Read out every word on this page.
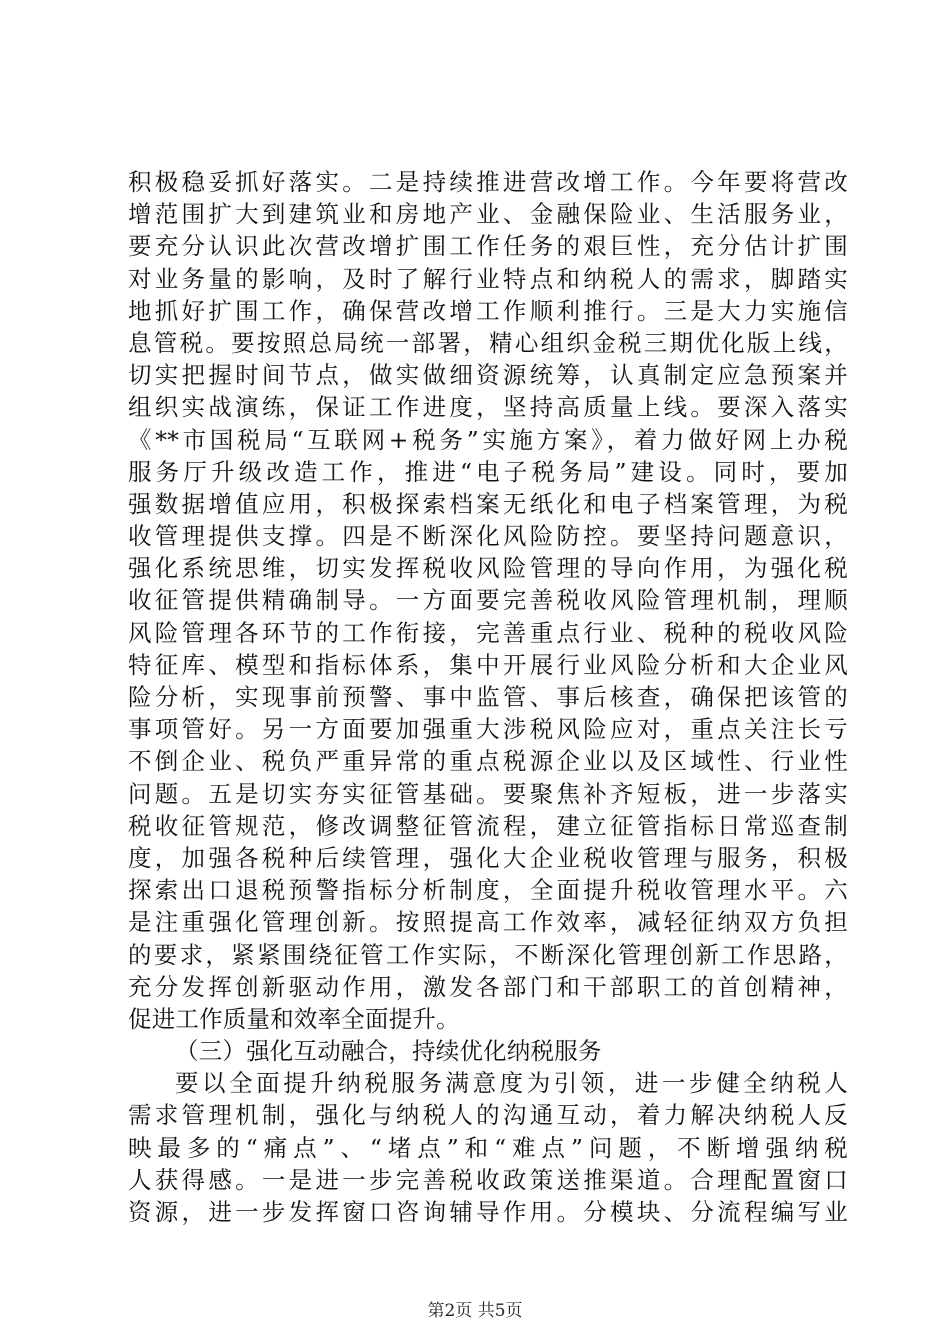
积极稳妥抓好落实。二是持续推进营改增工作。今年要将营改
增范围扩大到建筑业和房地产业、金融保险业、生活服务业，
要充分认识此次营改增扩围工作任务的艰巨性，充分估计扩围
对业务量的影响，及时了解行业特点和纳税人的需求，脚踏实
地抓好扩围工作，确保营改增工作顺利推行。三是大力实施信
息管税。要按照总局统一部署，精心组织金税三期优化版上线，
切实把握时间节点，做实做细资源统筹，认真制定应急预案并
组织实战演练，保证工作进度，坚持高质量上线。要深入落实
《**市国税局“互联网+税务”实施方案》，着力做好网上办税
服务厅升级改造工作，推进“电子税务局”建设。同时，要加
强数据增值应用，积极探索档案无纸化和电子档案管理，为税
收管理提供支撑。四是不断深化风险防控。要坚持问题意识，
强化系统思维，切实发挥税收风险管理的导向作用，为强化税
收征管提供精确制导。一方面要完善税收风险管理机制，理顺
风险管理各环节的工作衔接，完善重点行业、税种的税收风险
特征库、模型和指标体系，集中开展行业风险分析和大企业风
险分析，实现事前预警、事中监管、事后核查，确保把该管的
事项管好。另一方面要加强重大涉税风险应对，重点关注长亏
不倒企业、税负严重异常的重点税源企业以及区域性、行业性
问题。五是切实夯实征管基础。要聚焦补齐短板，进一步落实
税收征管规范，修改调整征管流程，建立征管指标日常巡查制
度，加强各税种后续管理，强化大企业税收管理与服务，积极
探索出口退税预警指标分析制度，全面提升税收管理水平。六
是注重强化管理创新。按照提高工作效率，减轻征纳双方负担
的要求，紧紧围绕征管工作实际，不断深化管理创新工作思路，
充分发挥创新驱动作用，激发各部门和干部职工的首创精神，
促进工作质量和效率全面提升。
（三）强化互动融合，持续优化纳税服务
要以全面提升纳税服务满意度为引领，进一步健全纳税人
需求管理机制，强化与纳税人的沟通互动，着力解决纳税人反
映最多的“痛点”、“堵点”和“难点”问题，不断增强纳税
人获得感。一是进一步完善税收政策送推渠道。合理配置窗口
资源，进一步发挥窗口咨询辅导作用。分模块、分流程编写业
第2页 共5页
